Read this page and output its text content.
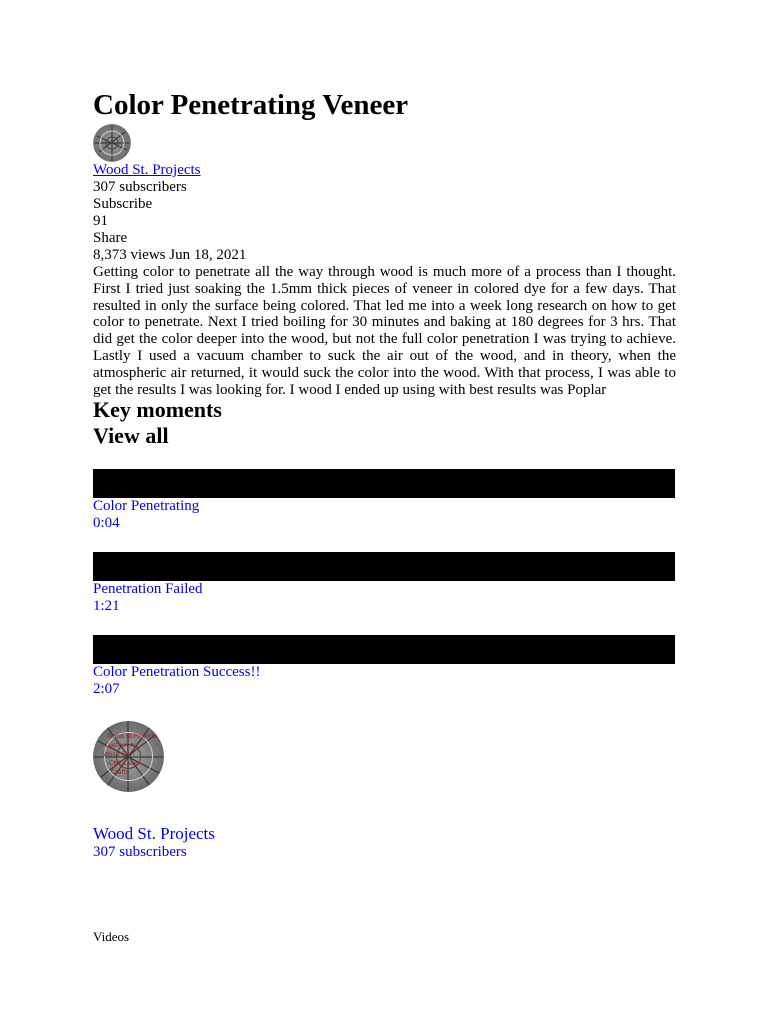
Color Penetrating Veneer

Wood St. Projects

307 subscribers

Subscribe

91

Share

8,373 views Jun 18, 2021

Getting color to penetrate all the way through wood is much more of a process than I thought. First I tried just soaking the 1.5mm thick pieces of veneer in colored dye for a few days. That resulted in only the surface being colored. That led me into a week long research on how to get color to penetrate. Next I tried boiling for 30 minutes and baking at 180 degrees for 3 hrs. That did get the color deeper into the wood, but not the full color penetration I was trying to achieve. Lastly I used a vacuum chamber to suck the air out of the wood, and in theory, when the atmospheric air returned, it would suck the color into the wood. With that process, I was able to get the results I was looking for. I wood I ended up using with best results was Poplar

Key moments
View all

Color Penetrating

0:04

Penetration Failed

1:21

Color Penetration Success!!

2:07

Wood St Projects
Custom Art
Wood Sign
CNC Laser
Crafts

Wood St. Projects

307 subscribers

Videos
